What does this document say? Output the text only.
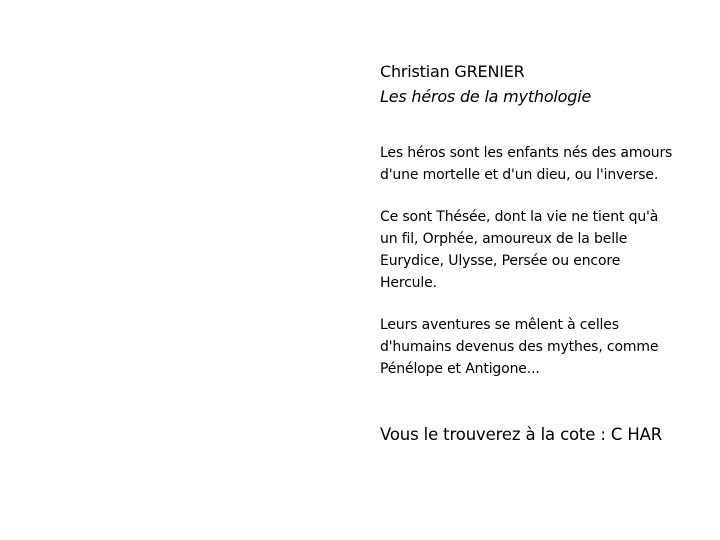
Christian GRENIER

Les héros de la mythologie

Les héros sont les enfants nés des amours
d'une mortelle et d'un dieu, ou l'inverse.

Ce sont Thésée, dont la vie ne tient qu'à
un fil, Orphée, amoureux de la belle
Eurydice, Ulysse, Persée ou encore
Hercule.

Leurs aventures se mêlent à celles
d'humains devenus des mythes, comme
Pénélope et Antigone...

Vous le trouverez à la cote : C HAR
